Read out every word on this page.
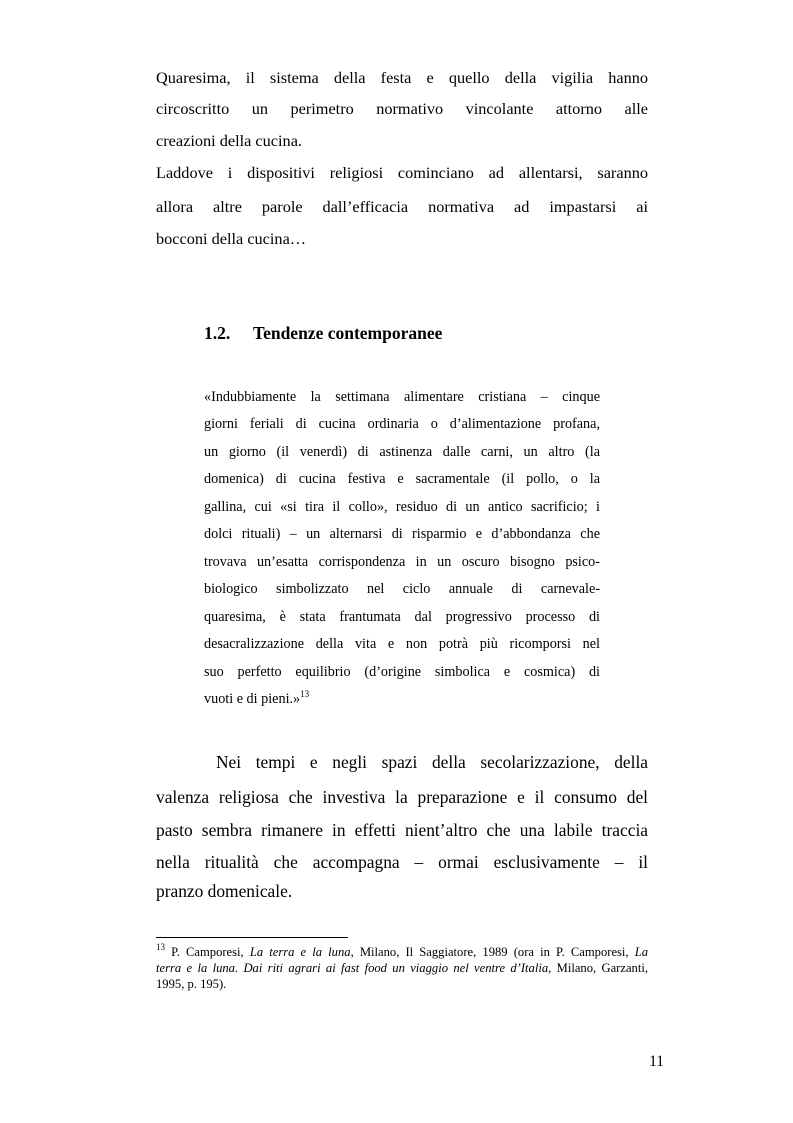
Quaresima, il sistema della festa e quello della vigilia hanno
circoscritto un perimetro normativo vincolante attorno alle
creazioni della cucina.
Laddove i dispositivi religiosi cominciano ad allentarsi, saranno
allora altre parole dall’efficacia normativa ad impastarsi ai
bocconi della cucina…
1.2. Tendenze contemporanee
«Indubbiamente la settimana alimentare cristiana – cinque
giorni feriali di cucina ordinaria o d’alimentazione profana,
un giorno (il venerdì) di astinenza dalle carni, un altro (la
domenica) di cucina festiva e sacramentale (il pollo, o la
gallina, cui «si tira il collo», residuo di un antico sacrificio; i
dolci rituali) – un alternarsi di risparmio e d’abbondanza che
trovava un’esatta corrispondenza in un oscuro bisogno psico-
biologico simbolizzato nel ciclo annuale di carnevale-
quaresima, è stata frantumata dal progressivo processo di
desacralizzazione della vita e non potrà più ricomporsi nel
suo perfetto equilibrio (d’origine simbolica e cosmica) di
vuoti e di pieni.»$^{13}$
Nei tempi e negli spazi della secolarizzazione, della
valenza religiosa che investiva la preparazione e il consumo del
pasto sembra rimanere in effetti nient’altro che una labile traccia
nella ritualità che accompagna – ormai esclusivamente – il
pranzo domenicale.
$^{13}$ P. Camporesi, La terra e la luna, Milano, Il Saggiatore, 1989 (ora in P. Camporesi, La
terra e la luna. Dai riti agrari ai fast food un viaggio nel ventre d’Italia, Milano, Garzanti,
1995, p. 195).
11
